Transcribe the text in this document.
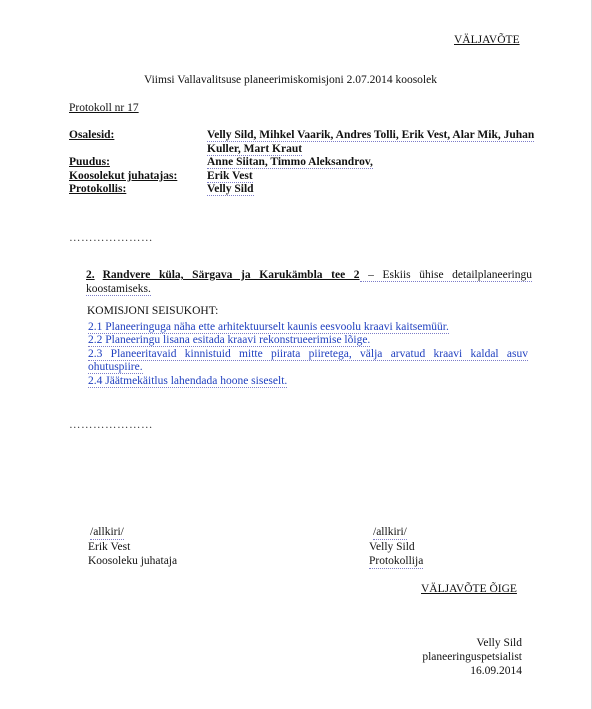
VÄLJAVÕTE
Viimsi Vallavalitsuse planeerimiskomisjoni 2.07.2014 koosolek
Protokoll nr 17
Osalesid:	Velly Sild, Mihkel Vaarik, Andres Tolli, Erik Vest, Alar Mik, Juhan Kuller, Mart Kraut
Puudus:	Anne Siitan, Timmo Aleksandrov,
Koosolekut juhatajas:	Erik Vest
Protokollis:	Velly Sild
…………………
2. Randvere küla, Särgava ja Karukämbla tee 2 – Eskiis ühise detailplaneeringu koostamiseks.
KOMISJONI SEISUKOHT:
2.1 Planeeringuga näha ette arhitektuurselt kaunis eesvoolu kraavi kaitsemüür.
2.2 Planeeringu lisana esitada kraavi rekonstrueerimise lõige.
2.3 Planeeritavaid kinnistuid mitte piirata piiretega, välja arvatud kraavi kaldal asuv ohutuspiire.
2.4 Jäätmekäitlus lahendada hoone siseselt.
…………………
/allkiri/
Erik Vest
Koosoleku juhataja
/allkiri/
Velly Sild
Protokollija
VÄLJAVÕTE ÕIGE
Velly Sild
planeeringuspetsialist
16.09.2014
